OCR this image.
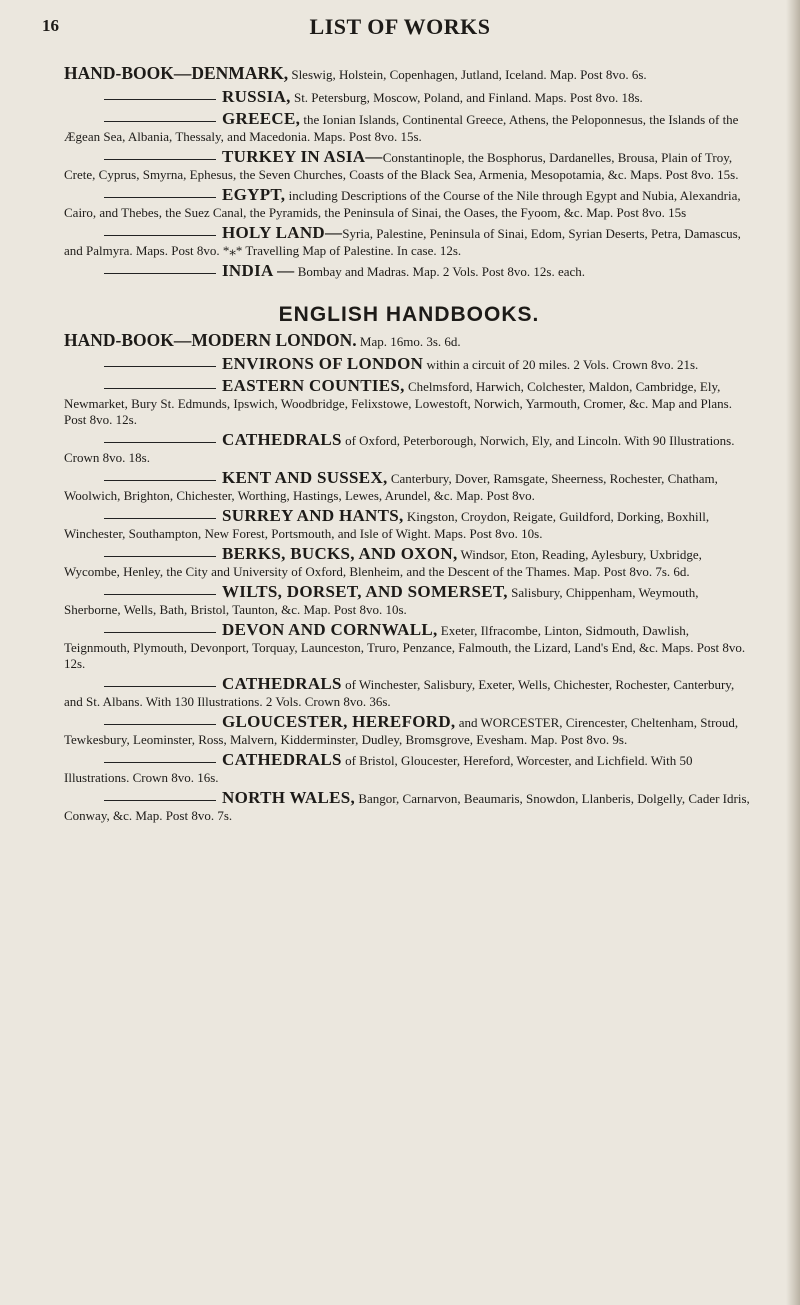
16	LIST OF WORKS
HAND-BOOK—DENMARK, Sleswig, Holstein, Copenhagen, Jutland, Iceland. Map. Post 8vo. 6s.
RUSSIA, St. Petersburg, Moscow, Poland, and Finland. Maps. Post 8vo. 18s.
GREECE, the Ionian Islands, Continental Greece, Athens, the Peloponnesus, the Islands of the Ægean Sea, Albania, Thessaly, and Macedonia. Maps. Post 8vo. 15s.
TURKEY IN ASIA—Constantinople, the Bosphorus, Dardanelles, Brousa, Plain of Troy, Crete, Cyprus, Smyrna, Ephesus, the Seven Churches, Coasts of the Black Sea, Armenia, Mesopotamia, &c. Maps. Post 8vo. 15s.
EGYPT, including Descriptions of the Course of the Nile through Egypt and Nubia, Alexandria, Cairo, and Thebes, the Suez Canal, the Pyramids, the Peninsula of Sinai, the Oases, the Fyoom, &c. Map. Post 8vo. 15s
HOLY LAND—Syria, Palestine, Peninsula of Sinai, Edom, Syrian Deserts, Petra, Damascus, and Palmyra. Maps. Post 8vo. *⁎* Travelling Map of Palestine. In case. 12s.
INDIA — Bombay and Madras. Map. 2 Vols. Post 8vo. 12s. each.
ENGLISH HANDBOOKS.
HAND-BOOK—MODERN LONDON. Map. 16mo. 3s. 6d.
ENVIRONS OF LONDON within a circuit of 20 miles. 2 Vols. Crown 8vo. 21s.
EASTERN COUNTIES, Chelmsford, Harwich, Colchester, Maldon, Cambridge, Ely, Newmarket, Bury St. Edmunds, Ipswich, Woodbridge, Felixstowe, Lowestoft, Norwich, Yarmouth, Cromer, &c. Map and Plans. Post 8vo. 12s.
CATHEDRALS of Oxford, Peterborough, Norwich, Ely, and Lincoln. With 90 Illustrations. Crown 8vo. 18s.
KENT AND SUSSEX, Canterbury, Dover, Ramsgate, Sheerness, Rochester, Chatham, Woolwich, Brighton, Chichester, Worthing, Hastings, Lewes, Arundel, &c. Map. Post 8vo.
SURREY AND HANTS, Kingston, Croydon, Reigate, Guildford, Dorking, Boxhill, Winchester, Southampton, New Forest, Portsmouth, and Isle of Wight. Maps. Post 8vo. 10s.
BERKS, BUCKS, AND OXON, Windsor, Eton, Reading, Aylesbury, Uxbridge, Wycombe, Henley, the City and University of Oxford, Blenheim, and the Descent of the Thames. Map. Post 8vo. 7s. 6d.
WILTS, DORSET, AND SOMERSET, Salisbury, Chippenham, Weymouth, Sherborne, Wells, Bath, Bristol, Taunton, &c. Map. Post 8vo. 10s.
DEVON AND CORNWALL, Exeter, Ilfracombe, Linton, Sidmouth, Dawlish, Teignmouth, Plymouth, Devonport, Torquay, Launceston, Truro, Penzance, Falmouth, the Lizard, Land's End, &c. Maps. Post 8vo. 12s.
CATHEDRALS of Winchester, Salisbury, Exeter, Wells, Chichester, Rochester, Canterbury, and St. Albans. With 130 Illustrations. 2 Vols. Crown 8vo. 36s.
GLOUCESTER, HEREFORD, and WORCESTER, Cirencester, Cheltenham, Stroud, Tewkesbury, Leominster, Ross, Malvern, Kidderminster, Dudley, Bromsgrove, Evesham. Map. Post 8vo. 9s.
CATHEDRALS of Bristol, Gloucester, Hereford, Worcester, and Lichfield. With 50 Illustrations. Crown 8vo. 16s.
NORTH WALES, Bangor, Carnarvon, Beaumaris, Snowdon, Llanberis, Dolgelly, Cader Idris, Conway, &c. Map. Post 8vo. 7s.
